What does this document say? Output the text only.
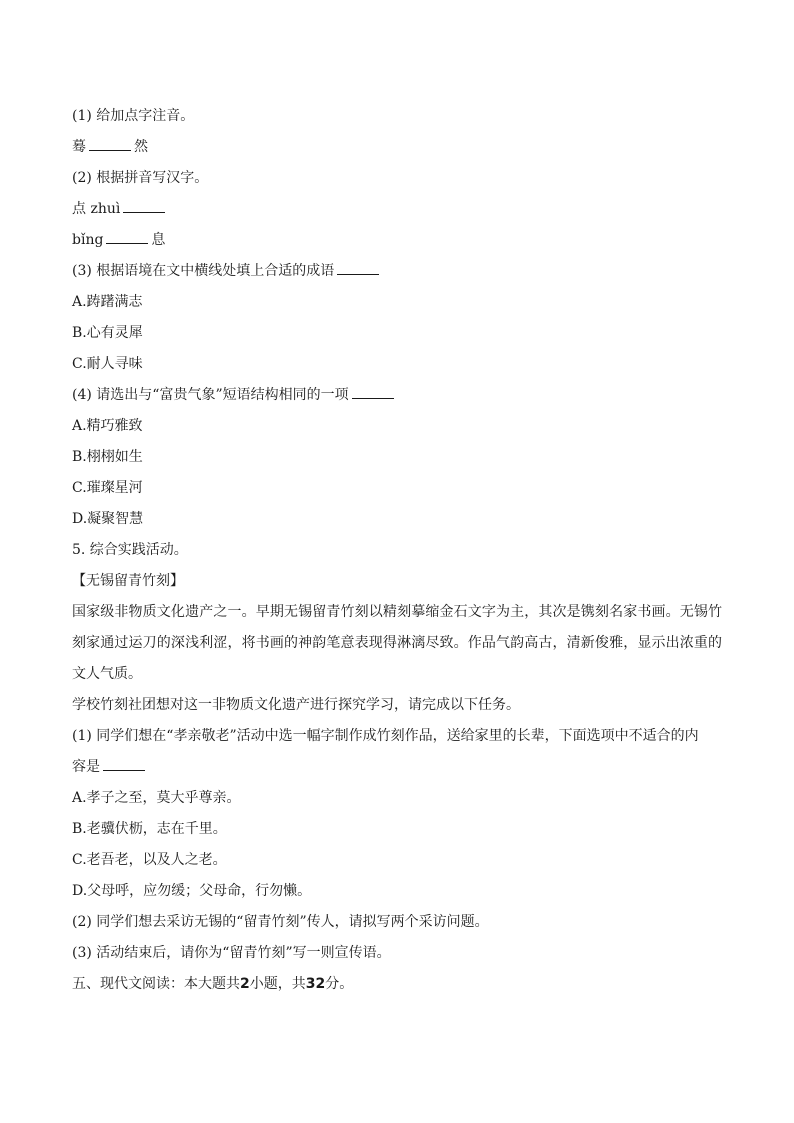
(1) 给加点字注音。
蓦	然
(2) 根据拼音写汉字。
点 zhuì
bǐng	息
(3) 根据语境在文中横线处填上合适的成语
A.踌躇满志
B.心有灵犀
C.耐人寻味
(4) 请选出与“富贵气象”短语结构相同的一项
A.精巧雅致
B.栩栩如生
C.璀璨星河
D.凝聚智慧
5. 综合实践活动。
【无锡留青竹刻】
国家级非物质文化遗产之一。早期无锡留青竹刻以精刻摹缩金石文字为主，其次是镌刻名家书画。无锡竹刻家通过运刀的深浅利涩，将书画的神韵笔意表现得淋漓尽致。作品气韵高古，清新俊雅，显示出浓重的文人气质。
学校竹刻社团想对这一非物质文化遗产进行探究学习，请完成以下任务。
(1) 同学们想在“孝亲敬老”活动中选一幅字制作成竹刻作品，送给家里的长辈，下面选项中不适合的内
容是
A.孝子之至，莫大乎尊亲。
B.老骥伏枥，志在千里。
C.老吾老，以及人之老。
D.父母呼，应勿缓；父母命，行勿懒。
(2) 同学们想去采访无锡的“留青竹刻”传人，请拟写两个采访问题。
(3) 活动结束后，请你为“留青竹刻”写一则宣传语。
五、现代文阅读：本大题共2小题，共32分。
